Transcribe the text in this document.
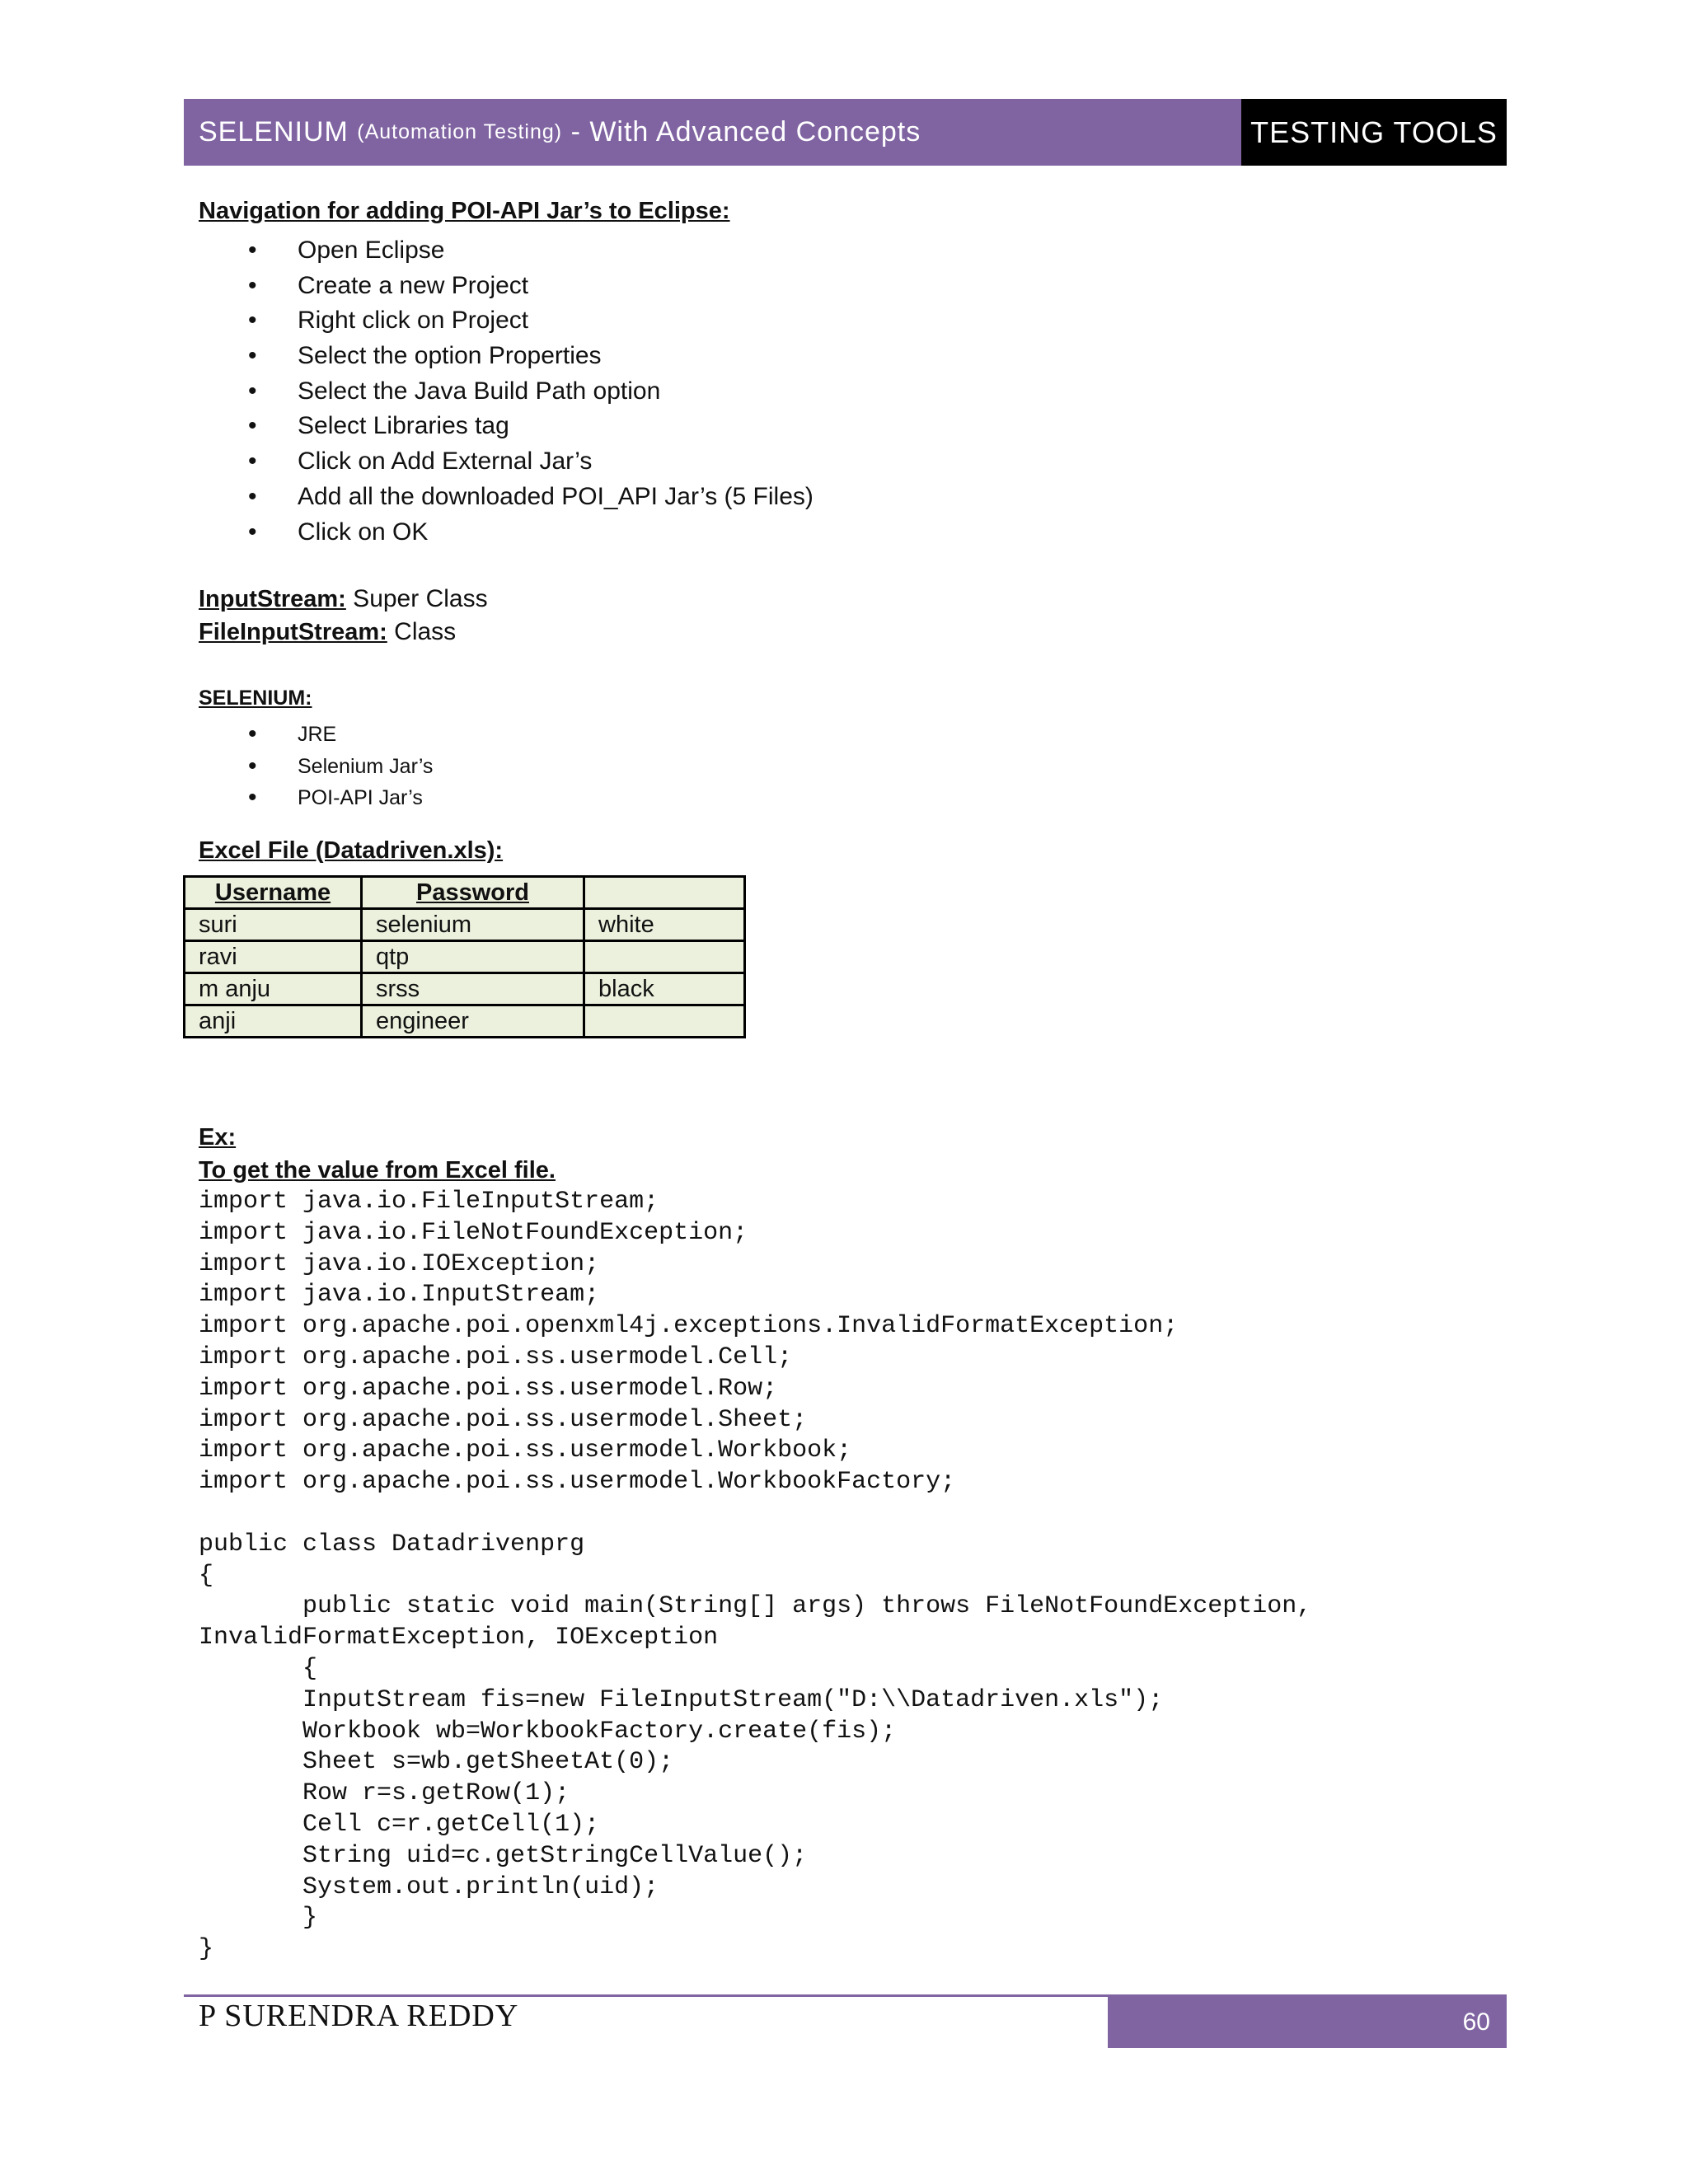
SELENIUM
(Automation Testing)
- With Advanced Concepts	TESTING TOOLS
Navigation for adding POI-API Jar’s to Eclipse:
• Open Eclipse
• Create a new Project
• Right click on Project
• Select the option Properties
• Select the Java Build Path option
• Select Libraries tag
• Click on Add External Jar’s
• Add all the downloaded POI_API Jar’s (5 Files)
• Click on OK
InputStream: Super Class
FileInputStream: Class
SELENIUM:
• JRE
• Selenium Jar’s
• POI-API Jar’s
Excel File (Datadriven.xls):
Username	Password	
suri	selenium	white
ravi	qtp	
m anju	srss	black
anji	engineer	
Ex:
To get the value from Excel file.
import java.io.FileInputStream;
import java.io.FileNotFoundException;
import java.io.IOException;
import java.io.InputStream;
import org.apache.poi.openxml4j.exceptions.InvalidFormatException;
import org.apache.poi.ss.usermodel.Cell;
import org.apache.poi.ss.usermodel.Row;
import org.apache.poi.ss.usermodel.Sheet;
import org.apache.poi.ss.usermodel.Workbook;
import org.apache.poi.ss.usermodel.WorkbookFactory;

public class Datadrivenprg
{
public static void main(String[] args) throws FileNotFoundException,
InvalidFormatException, IOException
{
InputStream fis=new FileInputStream("D:\\Datadriven.xls");
Workbook wb=WorkbookFactory.create(fis);
Sheet s=wb.getSheetAt(0);
Row r=s.getRow(1);
Cell c=r.getCell(1);
String uid=c.getStringCellValue();
System.out.println(uid);
}
}
P SURENDRA REDDY	60
